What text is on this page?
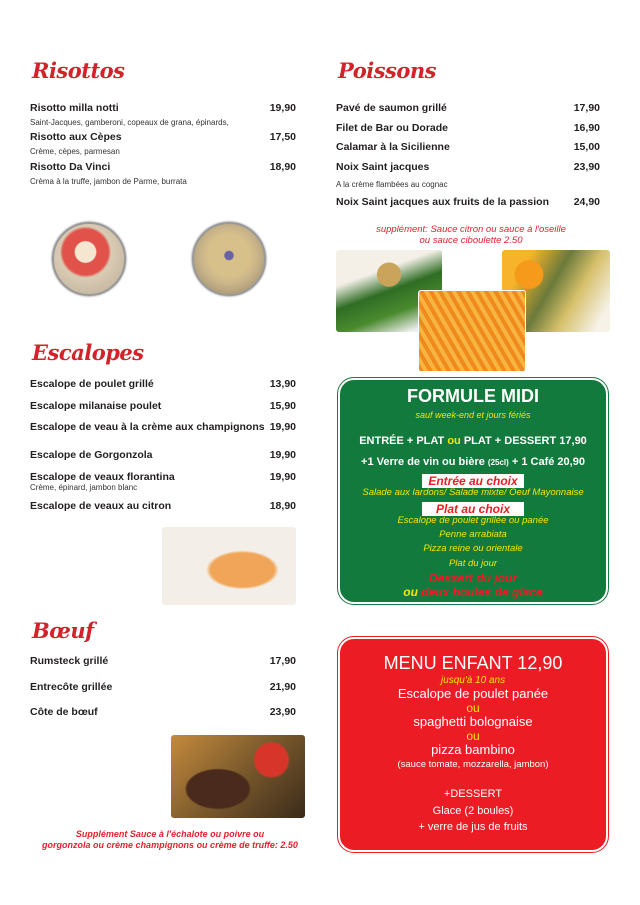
Risottos	Poissons
Escalopes
Bœuf
Risotto milla notti	19,90
Saint-Jacques, gamberoni, copeaux de grana, épinards,
Risotto aux Cèpes	17,50
Crème, cèpes, parmesan
Risotto Da Vinci	18,90
Crèma à la truffe, jambon de Parme, burrata
Pavé de saumon grillé	17,90
Filet de Bar ou Dorade	16,90
Calamar à la Sicilienne	15,00
Noix Saint jacques	23,90
A la crème flambées au cognac
Noix Saint jacques aux fruits de la passion 24,90
supplément: Sauce citron ou sauce à l'oseille
ou sauce ciboulette 2.50
Escalope de poulet grillé	13,90
Escalope milanaise poulet	15,90
Escalope de veau à la crème aux champignons 19,90
Escalope de Gorgonzola	19,90
Escalope de veaux florantina	19,90
Crème, épinard, jambon blanc
Escalope de veaux au citron	18,90
Rumsteck grillé	17,90
Entrecôte grillée	21,90
Côte de bœuf	23,90
Supplément Sauce à l'échalote ou poivre ou
gorgonzola ou crème champignons ou crème de truffe: 2.50
FORMULE MIDI
sauf week-end et jours fériés
ENTRÉE + PLAT ou PLAT + DESSERT 17,90
+1 Verre de vin ou bière (25cl) + 1 Café 20,90
Entrée au choix
Salade aux lardons/ Salade mixte/ Oeuf Mayonnaise
Plat au choix
Escalope de poulet grillée ou panée
Penne arrabiata
Pizza reine ou orientale
Plat du jour
Dessert du jour
ou deux boules de glace
MENU ENFANT 12,90
jusqu'à 10 ans
Escalope de poulet panée
ou
spaghetti bolognaise
ou
pizza bambino
(sauce tomate, mozzarella, jambon)
+DESSERT
Glace (2 boules)
+ verre de jus de fruits
